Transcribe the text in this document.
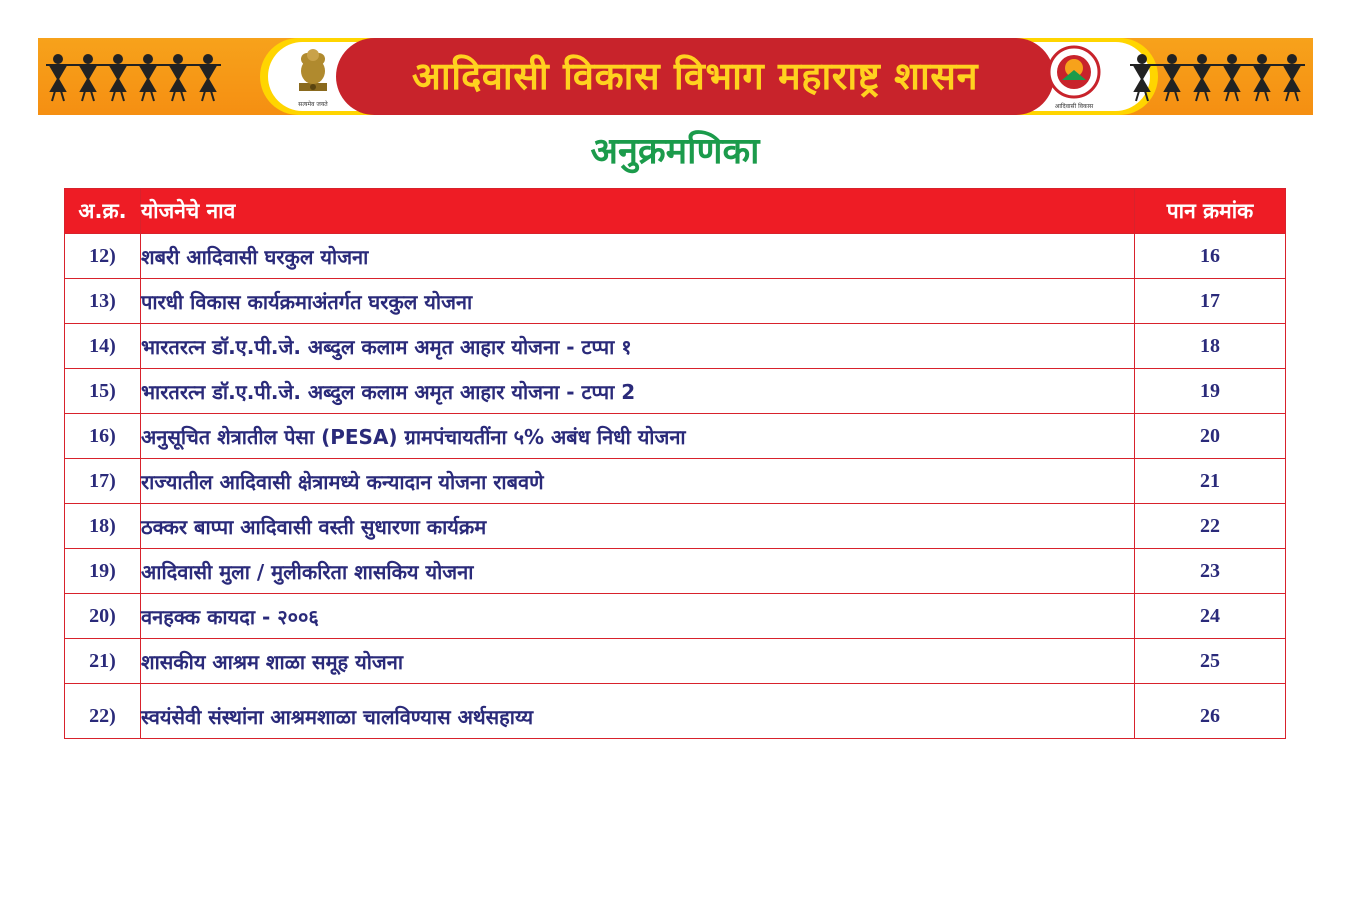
सत्यमेव जयते
आदिवासी विकास विभाग महाराष्ट्र शासन
आदिवासी विकास
अनुक्रमणिका
अ.क्र.	योजनेचे नाव	पान क्रमांक
12)	शबरी आदिवासी घरकुल योजना	16
13)	पारधी विकास कार्यक्रमाअंतर्गत घरकुल योजना	17
14)	भारतरत्न डॉ.ए.पी.जे. अब्दुल कलाम अमृत आहार योजना - टप्पा १	18
15)	भारतरत्न डॉ.ए.पी.जे. अब्दुल कलाम अमृत आहार योजना - टप्पा 2	19
16)	अनुसूचित शेत्रातील पेसा (PESA) ग्रामपंचायतींना ५% अबंध निधी योजना	20
17)	राज्यातील आदिवासी क्षेत्रामध्ये कन्यादान योजना राबवणे	21
18)	ठक्कर बाप्पा आदिवासी वस्ती सुधारणा कार्यक्रम	22
19)	आदिवासी मुला / मुलीकरिता शासकिय योजना	23
20)	वनहक्क कायदा - २००६	24
21)	शासकीय आश्रम शाळा समूह योजना	25
22)	स्वयंसेवी संस्थांना आश्रमशाळा चालविण्यास अर्थसहाय्य	26
